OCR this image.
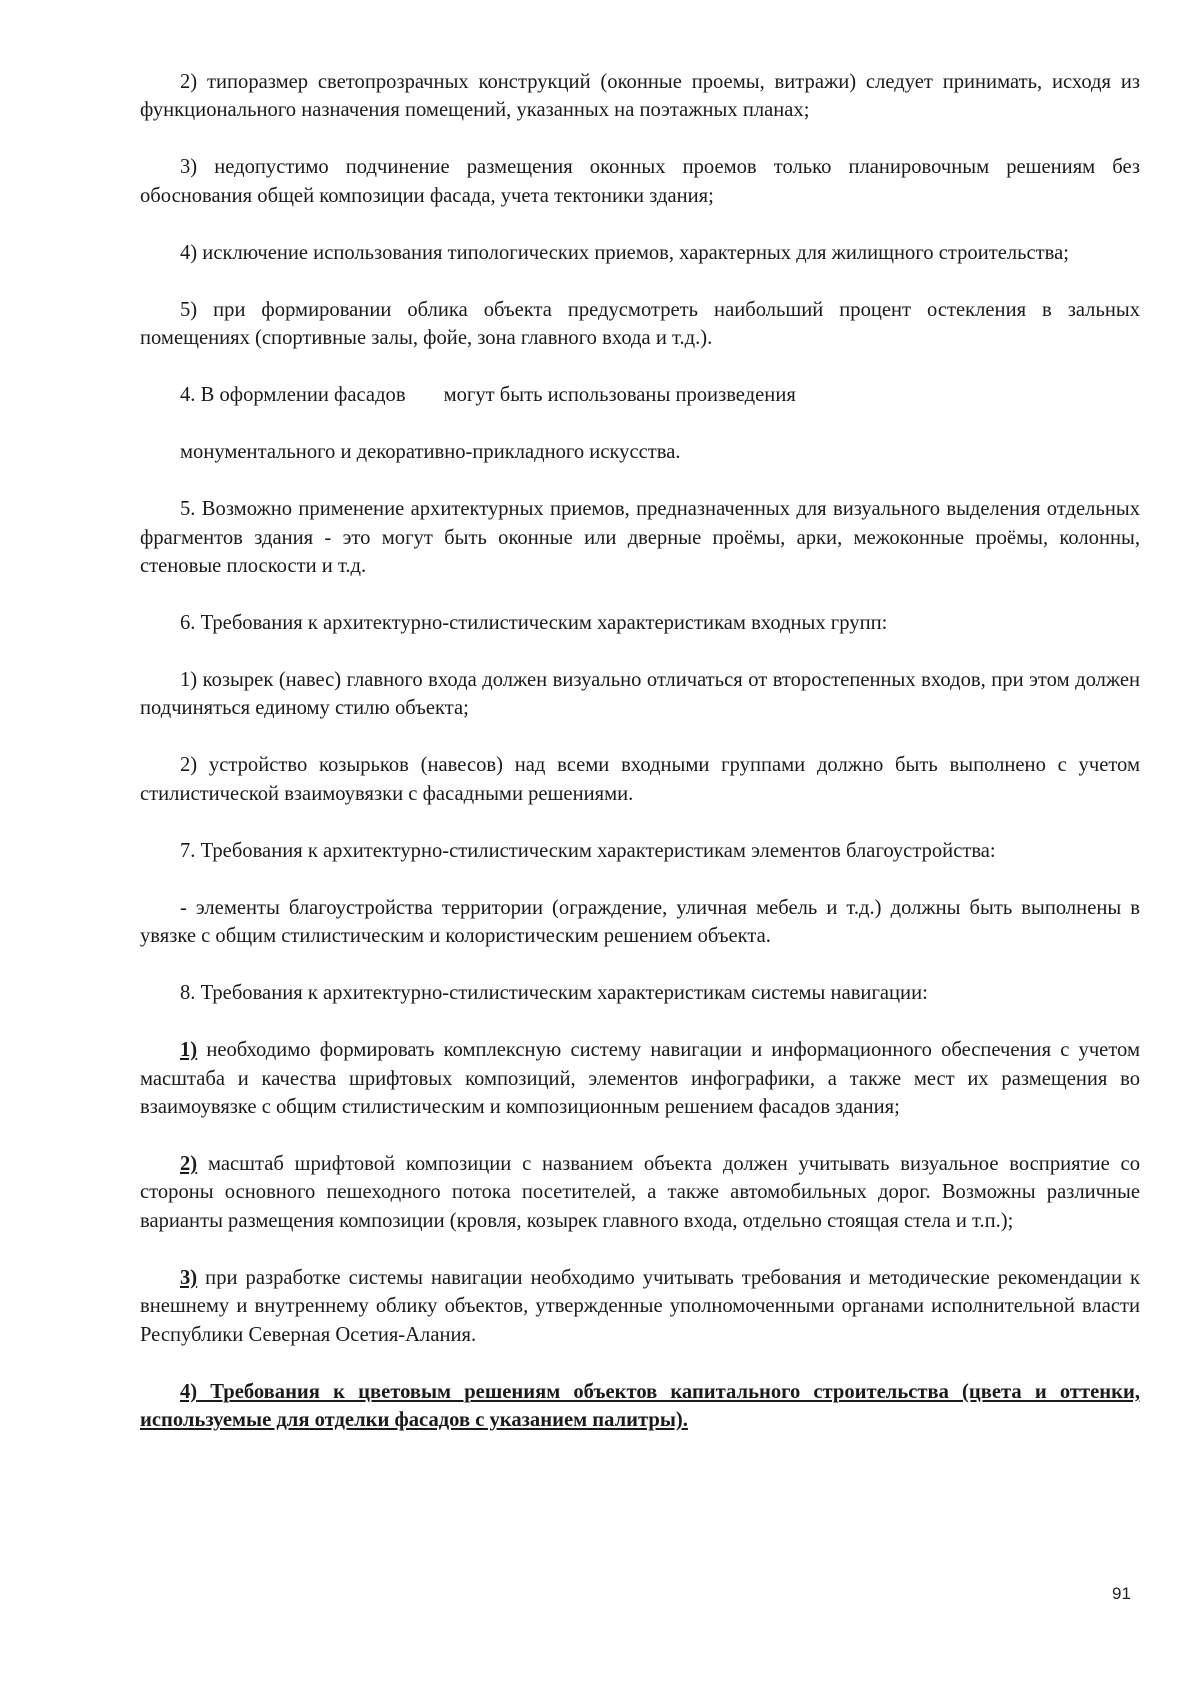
2) типоразмер светопрозрачных конструкций (оконные проемы, витражи) следует принимать, исходя из функционального назначения помещений, указанных на поэтажных планах;

3) недопустимо подчинение размещения оконных проемов только планировочным решениям без обоснования общей композиции фасада, учета тектоники здания;

4) исключение использования типологических приемов, характерных для жилищного строительства;

5) при формировании облика объекта предусмотреть наибольший процент остекления в зальных помещениях (спортивные залы, фойе, зона главного входа и т.д.).

4. В оформлении фасадов могут быть использованы произведения

монументального и декоративно-прикладного искусства.

5. Возможно применение архитектурных приемов, предназначенных для визуального выделения отдельных фрагментов здания - это могут быть оконные или дверные проёмы, арки, межоконные проёмы, колонны, стеновые плоскости и т.д.

6. Требования к архитектурно-стилистическим характеристикам входных групп:

1) козырек (навес) главного входа должен визуально отличаться от второстепенных входов, при этом должен подчиняться единому стилю объекта;

2) устройство козырьков (навесов) над всеми входными группами должно быть выполнено с учетом стилистической взаимоувязки с фасадными решениями.

7. Требования к архитектурно-стилистическим характеристикам элементов благоустройства:

- элементы благоустройства территории (ограждение, уличная мебель и т.д.) должны быть выполнены в увязке с общим стилистическим и колористическим решением объекта.

8. Требования к архитектурно-стилистическим характеристикам системы навигации:

1) необходимо формировать комплексную систему навигации и информационного обеспечения с учетом масштаба и качества шрифтовых композиций, элементов инфографики, а также мест их размещения во взаимоувязке с общим стилистическим и композиционным решением фасадов здания;

2) масштаб шрифтовой композиции с названием объекта должен учитывать визуальное восприятие со стороны основного пешеходного потока посетителей, а также автомобильных дорог. Возможны различные варианты размещения композиции (кровля, козырек главного входа, отдельно стоящая стела и т.п.);

3) при разработке системы навигации необходимо учитывать требования и методические рекомендации к внешнему и внутреннему облику объектов, утвержденные уполномоченными органами исполнительной власти Республики Северная Осетия-Алания.

4) Требования к цветовым решениям объектов капитального строительства (цвета и оттенки, используемые для отделки фасадов с указанием палитры).

91
